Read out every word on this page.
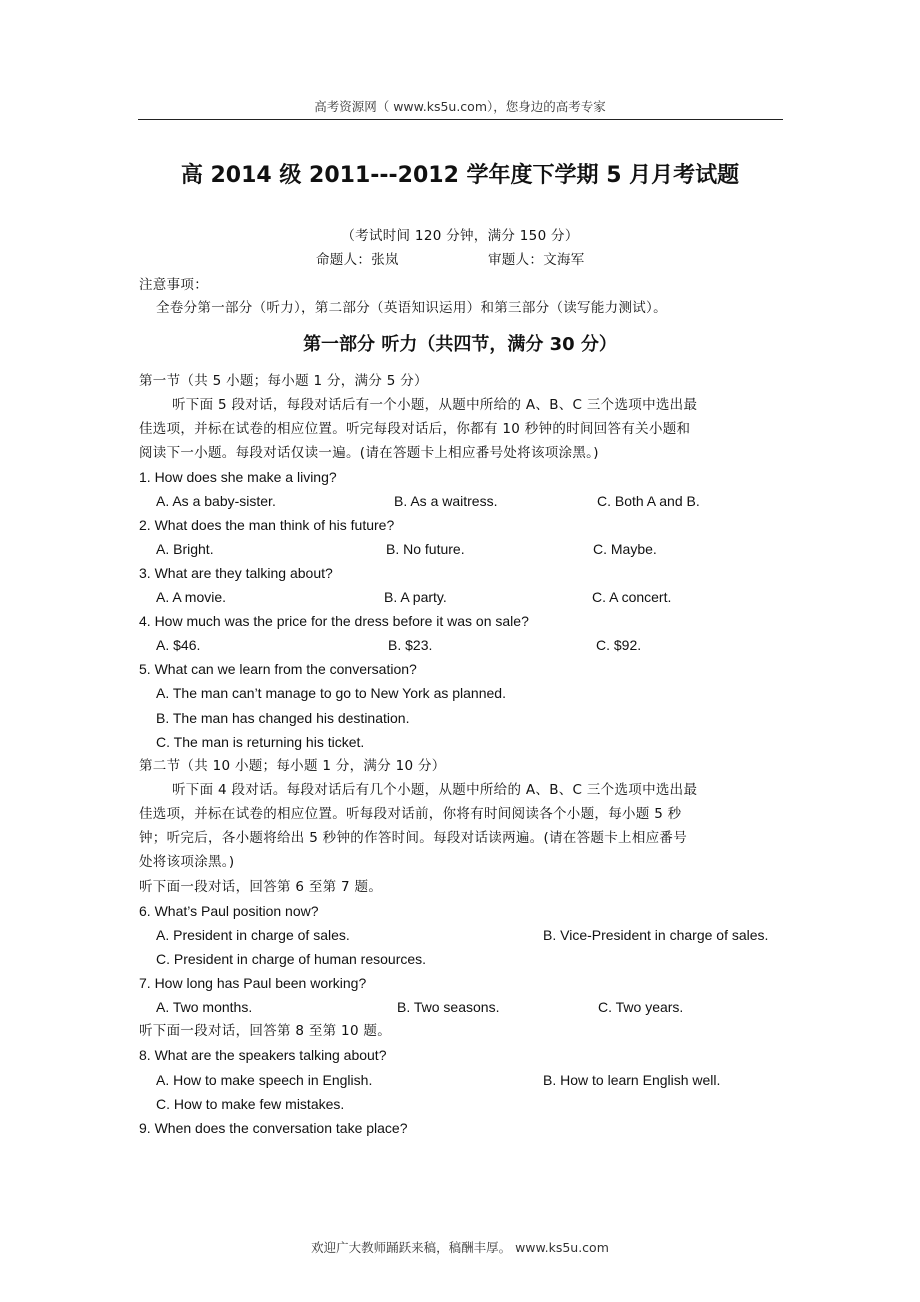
高考资源网（ www.ks5u.com），您身边的高考专家
高 2014 级 2011---2012 学年度下学期 5 月月考试题
（考试时间 120 分钟，满分 150 分）
命题人：张岚	审题人：文海军
注意事项：
全卷分第一部分（听力），第二部分（英语知识运用）和第三部分（读写能力测试）。
第一部分 听力（共四节，满分 30 分）
第一节（共 5 小题；每小题 1 分，满分 5 分）
听下面 5 段对话，每段对话后有一个小题，从题中所给的 A、B、C 三个选项中选出最
佳选项，并标在试卷的相应位置。听完每段对话后，你都有 10 秒钟的时间回答有关小题和
阅读下一小题。每段对话仅读一遍。(请在答题卡上相应番号处将该项涂黑。)
1. How does she make a living?
A. As a baby-sister.	B. As a waitress.	C. Both A and B.
2. What does the man think of his future?
A. Bright.	B. No future.	C. Maybe.
3. What are they talking about?
A. A movie.	B. A party.	C. A concert.
4. How much was the price for the dress before it was on sale?
A. $46.	B. $23.	C. $92.
5. What can we learn from the conversation?
A. The man can’t manage to go to New York as planned.
B. The man has changed his destination.
C. The man is returning his ticket.
第二节（共 10 小题；每小题 1 分，满分 10 分）
听下面 4 段对话。每段对话后有几个小题，从题中所给的 A、B、C 三个选项中选出最
佳选项，并标在试卷的相应位置。听每段对话前，你将有时间阅读各个小题，每小题 5 秒
钟；听完后，各小题将给出 5 秒钟的作答时间。每段对话读两遍。(请在答题卡上相应番号
处将该项涂黑。)
听下面一段对话，回答第 6 至第 7 题。
6. What’s Paul position now?
A. President in charge of sales.	B. Vice-President in charge of sales.
C. President in charge of human resources.
7. How long has Paul been working?
A. Two months.	B. Two seasons.	C. Two years.
听下面一段对话，回答第 8 至第 10 题。
8. What are the speakers talking about?
A. How to make speech in English.	B. How to learn English well.
C. How to make few mistakes.
9. When does the conversation take place?
欢迎广大教师踊跃来稿，稿酬丰厚。 www.ks5u.com
